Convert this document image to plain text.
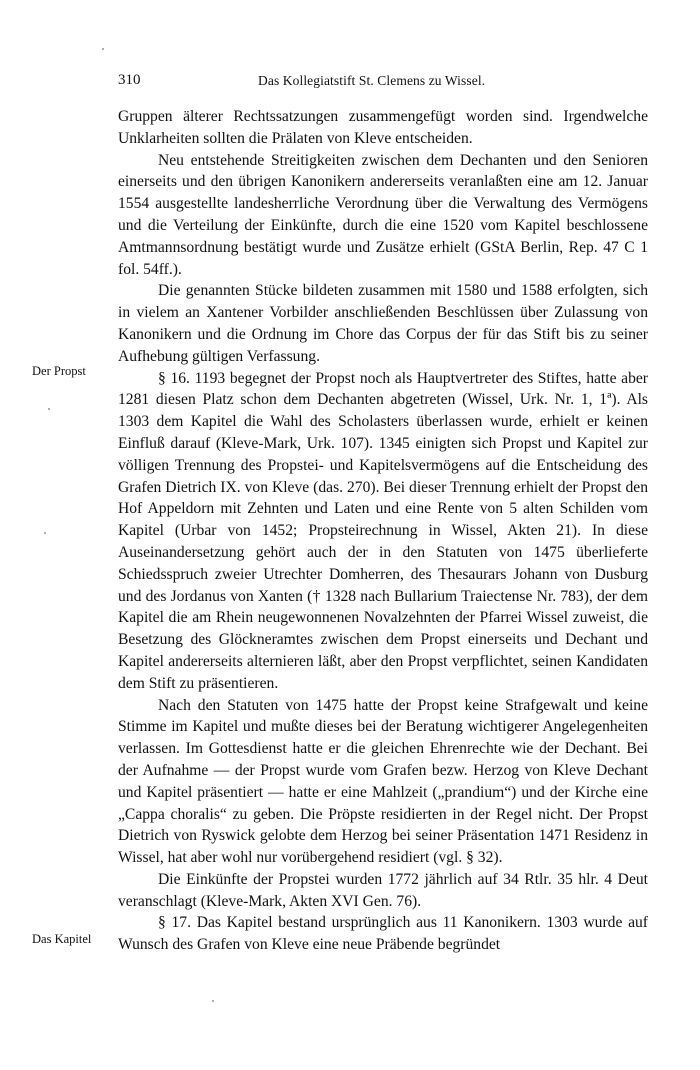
310	Das Kollegiatstift St. Clemens zu Wissel.
Der Propst
Das Kapitel

Gruppen älterer Rechtssatzungen zusammengefügt worden sind. Irgendwelche Unklarheiten sollten die Prälaten von Kleve entscheiden.

Neu entstehende Streitigkeiten zwischen dem Dechanten und den Senioren einerseits und den übrigen Kanonikern andererseits veranlaßten eine am 12. Januar 1554 ausgestellte landesherrliche Verordnung über die Verwaltung des Vermögens und die Verteilung der Einkünfte, durch die eine 1520 vom Kapitel beschlossene Amtmannsordnung bestätigt wurde und Zusätze erhielt (GStA Berlin, Rep. 47 C 1 fol. 54ff.).

Die genannten Stücke bildeten zusammen mit 1580 und 1588 erfolgten, sich in vielem an Xantener Vorbilder anschließenden Beschlüssen über Zulassung von Kanonikern und die Ordnung im Chore das Corpus der für das Stift bis zu seiner Aufhebung gültigen Verfassung.

§ 16. 1193 begegnet der Propst noch als Hauptvertreter des Stiftes, hatte aber 1281 diesen Platz schon dem Dechanten abgetreten (Wissel, Urk. Nr. 1, 1ª). Als 1303 dem Kapitel die Wahl des Scholasters überlassen wurde, erhielt er keinen Einfluß darauf (Kleve-Mark, Urk. 107). 1345 einigten sich Propst und Kapitel zur völligen Trennung des Propstei- und Kapitelsvermögens auf die Entscheidung des Grafen Dietrich IX. von Kleve (das. 270). Bei dieser Trennung erhielt der Propst den Hof Appeldorn mit Zehnten und Laten und eine Rente von 5 alten Schilden vom Kapitel (Urbar von 1452; Propsteirechnung in Wissel, Akten 21). In diese Auseinandersetzung gehört auch der in den Statuten von 1475 überlieferte Schiedsspruch zweier Utrechter Domherren, des Thesaurars Johann von Dusburg und des Jordanus von Xanten († 1328 nach Bullarium Traiectense Nr. 783), der dem Kapitel die am Rhein neugewonnenen Novalzehnten der Pfarrei Wissel zuweist, die Besetzung des Glöckneramtes zwischen dem Propst einerseits und Dechant und Kapitel andererseits alternieren läßt, aber den Propst verpflichtet, seinen Kandidaten dem Stift zu präsentieren.

Nach den Statuten von 1475 hatte der Propst keine Strafgewalt und keine Stimme im Kapitel und mußte dieses bei der Beratung wichtigerer Angelegenheiten verlassen. Im Gottesdienst hatte er die gleichen Ehrenrechte wie der Dechant. Bei der Aufnahme — der Propst wurde vom Grafen bezw. Herzog von Kleve Dechant und Kapitel präsentiert — hatte er eine Mahlzeit („prandium“) und der Kirche eine „Cappa choralis“ zu geben. Die Pröpste residierten in der Regel nicht. Der Propst Dietrich von Ryswick gelobte dem Herzog bei seiner Präsentation 1471 Residenz in Wissel, hat aber wohl nur vorübergehend residiert (vgl. § 32).

Die Einkünfte der Propstei wurden 1772 jährlich auf 34 Rtlr. 35 hlr. 4 Deut veranschlagt (Kleve-Mark, Akten XVI Gen. 76).

§ 17. Das Kapitel bestand ursprünglich aus 11 Kanonikern. 1303 wurde auf Wunsch des Grafen von Kleve eine neue Präbende begründet
